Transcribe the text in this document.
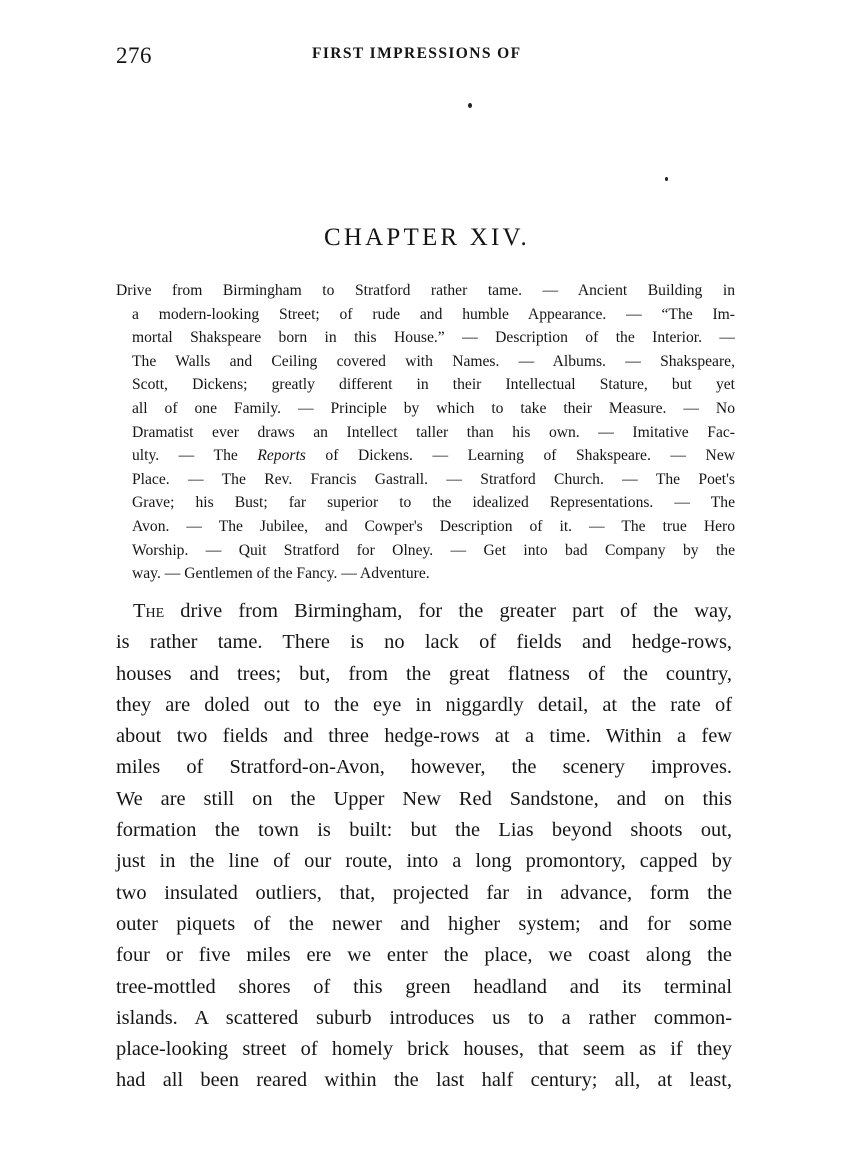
276	FIRST IMPRESSIONS OF
CHAPTER XIV.
Drive from Birmingham to Stratford rather tame. — Ancient Building in
a modern-looking Street; of rude and humble Appearance. — “The Im-
mortal Shakspeare born in this House.” — Description of the Interior. —
The Walls and Ceiling covered with Names. — Albums. — Shakspeare,
Scott, Dickens; greatly different in their Intellectual Stature, but yet
all of one Family. — Principle by which to take their Measure. — No
Dramatist ever draws an Intellect taller than his own. — Imitative Fac-
ulty. — The Reports of Dickens. — Learning of Shakspeare. — New
Place. — The Rev. Francis Gastrall. — Stratford Church. — The Poet's
Grave; his Bust; far superior to the idealized Representations. — The
Avon. — The Jubilee, and Cowper's Description of it. — The true Hero
Worship. — Quit Stratford for Olney. — Get into bad Company by the
way. — Gentlemen of the Fancy. — Adventure.
The drive from Birmingham, for the greater part of the way,
is rather tame. There is no lack of fields and hedge-rows,
houses and trees; but, from the great flatness of the country,
they are doled out to the eye in niggardly detail, at the rate of
about two fields and three hedge-rows at a time. Within a few
miles of Stratford-on-Avon, however, the scenery improves.
We are still on the Upper New Red Sandstone, and on this
formation the town is built: but the Lias beyond shoots out,
just in the line of our route, into a long promontory, capped by
two insulated outliers, that, projected far in advance, form the
outer piquets of the newer and higher system; and for some
four or five miles ere we enter the place, we coast along the
tree-mottled shores of this green headland and its terminal
islands. A scattered suburb introduces us to a rather common-
place-looking street of homely brick houses, that seem as if they
had all been reared within the last half century; all, at least,
